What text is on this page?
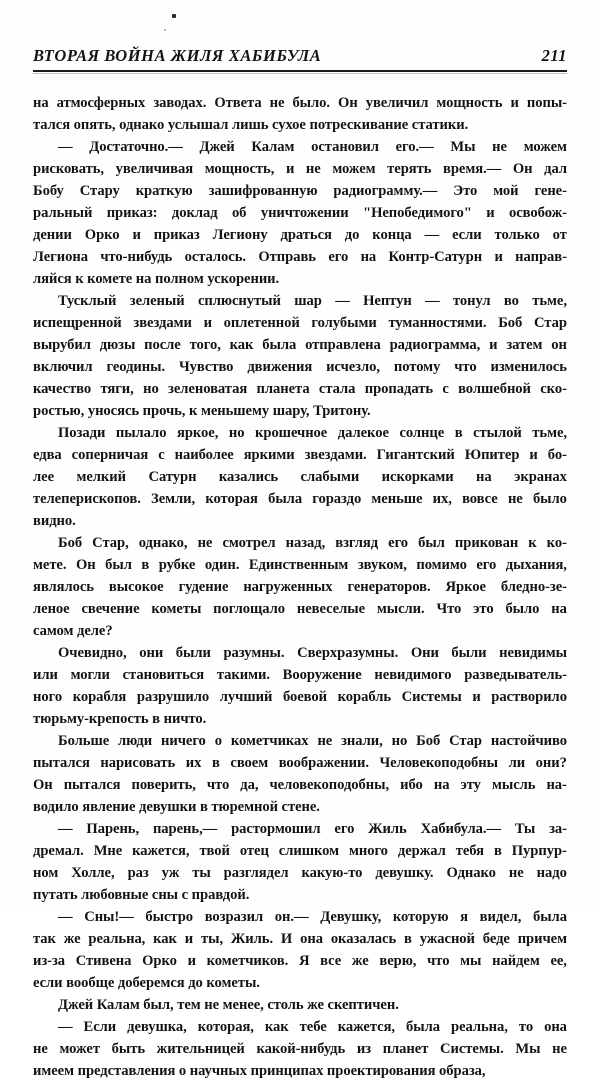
ВТОРАЯ ВОЙНА ЖИЛЯ ХАБИБУЛА	211

на атмосферных заводах. Ответа не было. Он увеличил мощность и попы-
тался опять, однако услышал лишь сухое потрескивание статики.

— Достаточно.— Джей Калам остановил его.— Мы не можем
рисковать, увеличивая мощность, и не можем терять время.— Он дал
Бобу Стару краткую зашифрованную радиограмму.— Это мой гене-
ральный приказ: доклад об уничтожении "Непобедимого" и освобож-
дении Орко и приказ Легиону драться до конца — если только от
Легиона что-нибудь осталось. Отправь его на Контр-Сатурн и направ-
ляйся к комете на полном ускорении.

Тусклый зеленый сплюснутый шар — Нептун — тонул во тьме,
испещренной звездами и оплетенной голубыми туманностями. Боб Стар
вырубил дюзы после того, как была отправлена радиограмма, и затем он
включил геодины. Чувство движения исчезло, потому что изменилось
качество тяги, но зеленоватая планета стала пропадать с волшебной ско-
ростью, уносясь прочь, к меньшему шару, Тритону.

Позади пылало яркое, но крошечное далекое солнце в стылой тьме,
едва соперничая с наиболее яркими звездами. Гигантский Юпитер и бо-
лее мелкий Сатурн казались слабыми искорками на экранах
телеперископов. Земли, которая была гораздо меньше их, вовсе не было
видно.

Боб Стар, однако, не смотрел назад, взгляд его был прикован к ко-
мете. Он был в рубке один. Единственным звуком, помимо его дыхания,
являлось высокое гудение нагруженных генераторов. Яркое бледно-зе-
леное свечение кометы поглощало невеселые мысли. Что это было на
самом деле?

Очевидно, они были разумны. Сверхразумны. Они были невидимы
или могли становиться такими. Вооружение невидимого разведыватель-
ного корабля разрушило лучший боевой корабль Системы и растворило
тюрьму-крепость в ничто.

Больше люди ничего о кометчиках не знали, но Боб Стар настойчиво
пытался нарисовать их в своем воображении. Человекоподобны ли они?
Он пытался поверить, что да, человекоподобны, ибо на эту мысль на-
водило явление девушки в тюремной стене.

— Парень, парень,— растормошил его Жиль Хабибула.— Ты за-
дремал. Мне кажется, твой отец слишком много держал тебя в Пурпур-
ном Холле, раз уж ты разглядел какую-то девушку. Однако не надо
путать любовные сны с правдой.

— Сны!— быстро возразил он.— Девушку, которую я видел, была
так же реальна, как и ты, Жиль. И она оказалась в ужасной беде причем
из-за Стивена Орко и кометчиков. Я все же верю, что мы найдем ее,
если вообще доберемся до кометы.

Джей Калам был, тем не менее, столь же скептичен.

— Если девушка, которая, как тебе кажется, была реальна, то она
не может быть жительницей какой-нибудь из планет Системы. Мы не
имеем представления о научных принципах проектирования образа,
